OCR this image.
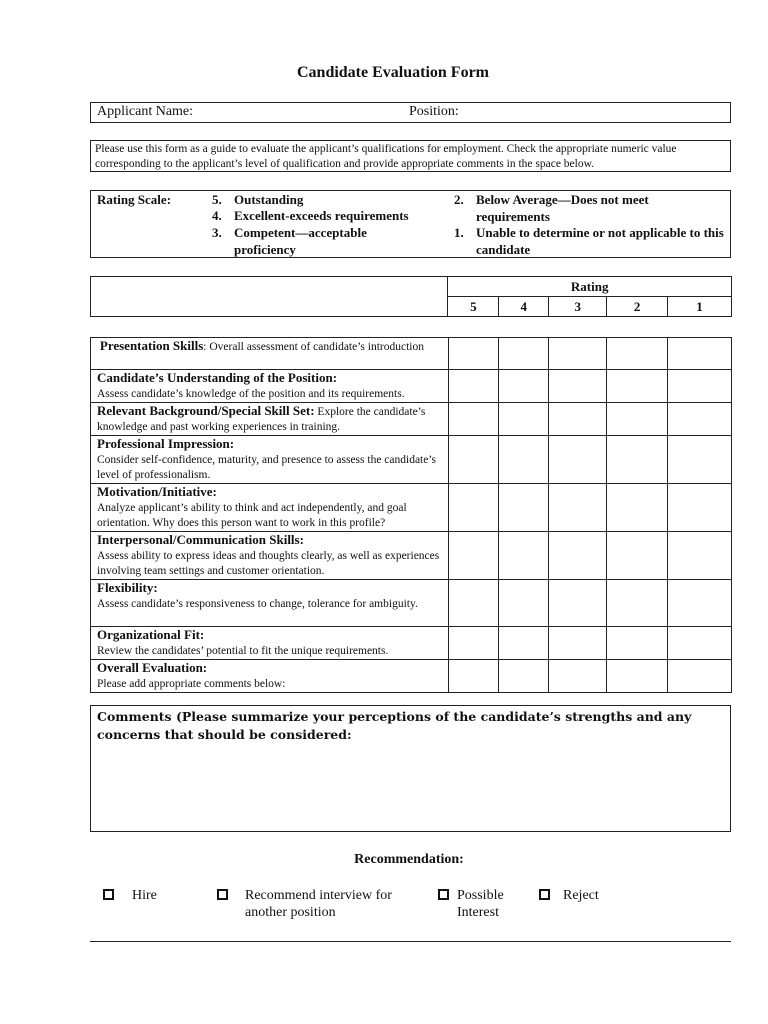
Candidate Evaluation Form
Applicant Name:	Position:
Please use this form as a guide to evaluate the applicant’s qualifications for employment. Check the appropriate numeric value corresponding to the applicant’s level of qualification and provide appropriate comments in the space below.
Rating Scale:	5. Outstanding
4. Excellent-exceeds requirements
3. Competent—acceptable proficiency
2. Below Average—Does not meet requirements
1. Unable to determine or not applicable to this candidate
	Rating				
	5	4	3	2	1
Presentation Skills: Overall assessment of candidate’s introduction					
Candidate’s Understanding of the Position:
Assess candidate’s knowledge of the position and its requirements.					
Relevant Background/Special Skill Set: Explore the candidate’s knowledge and past working experiences in training.					
Professional Impression:
Consider self-confidence, maturity, and presence to assess the candidate’s level of professionalism.					
Motivation/Initiative:
Analyze applicant’s ability to think and act independently, and goal orientation. Why does this person want to work in this profile?					
Interpersonal/Communication Skills:
Assess ability to express ideas and thoughts clearly, as well as experiences involving team settings and customer orientation.					
Flexibility:
Assess candidate’s responsiveness to change, tolerance for ambiguity.					
Organizational Fit:
Review the candidates’ potential to fit the unique requirements.					
Overall Evaluation:
Please add appropriate comments below:					
Comments (Please summarize your perceptions of the candidate’s strengths and any concerns that should be considered:
Recommendation:
Hire	Recommend interview for another position
Possible Interest
Reject
